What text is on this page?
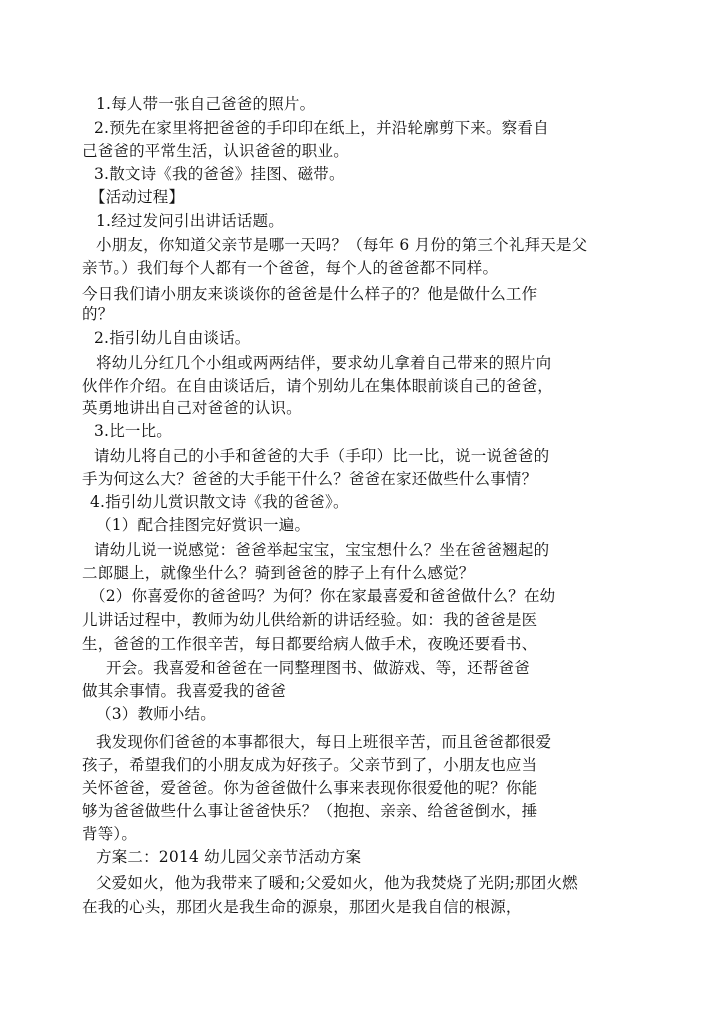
1.每人带一张自己爸爸的照片。
2.预先在家里将把爸爸的手印印在纸上，并沿轮廓剪下来。察看自
己爸爸的平常生活，认识爸爸的职业。
3.散文诗《我的爸爸》挂图、磁带。
【活动过程】
1.经过发问引出讲话话题。
小朋友，你知道父亲节是哪一天吗？（每年 6 月份的第三个礼拜天是父
亲节。）我们每个人都有一个爸爸，每个人的爸爸都不同样。
今日我们请小朋友来谈谈你的爸爸是什么样子的？他是做什么工作
的？
2.指引幼儿自由谈话。
将幼儿分红几个小组或两两结伴，要求幼儿拿着自己带来的照片向
伙伴作介绍。在自由谈话后，请个别幼儿在集体眼前谈自己的爸爸，
英勇地讲出自己对爸爸的认识。
3.比一比。
请幼儿将自己的小手和爸爸的大手（手印）比一比，说一说爸爸的
手为何这么大？爸爸的大手能干什么？爸爸在家还做些什么事情？
4.指引幼儿赏识散文诗《我的爸爸》。
（1）配合挂图完好赏识一遍。
请幼儿说一说感觉：爸爸举起宝宝，宝宝想什么？坐在爸爸翘起的
二郎腿上，就像坐什么？骑到爸爸的脖子上有什么感觉？
（2）你喜爱你的爸爸吗？为何？你在家最喜爱和爸爸做什么？在幼
儿讲话过程中，教师为幼儿供给新的讲话经验。如：我的爸爸是医
生，爸爸的工作很辛苦，每日都要给病人做手术，夜晚还要看书、
开会。我喜爱和爸爸在一同整理图书、做游戏、等，还帮爸爸
做其余事情。我喜爱我的爸爸
（3）教师小结。
我发现你们爸爸的本事都很大，每日上班很辛苦，而且爸爸都很爱
孩子，希望我们的小朋友成为好孩子。父亲节到了，小朋友也应当
关怀爸爸，爱爸爸。你为爸爸做什么事来表现你很爱他的呢？你能
够为爸爸做些什么事让爸爸快乐？（抱抱、亲亲、给爸爸倒水，捶
背等）。
方案二：2014 幼儿园父亲节活动方案
父爱如火，他为我带来了暖和;父爱如火，他为我焚烧了光阴;那团火燃
在我的心头，那团火是我生命的源泉，那团火是我自信的根源，
